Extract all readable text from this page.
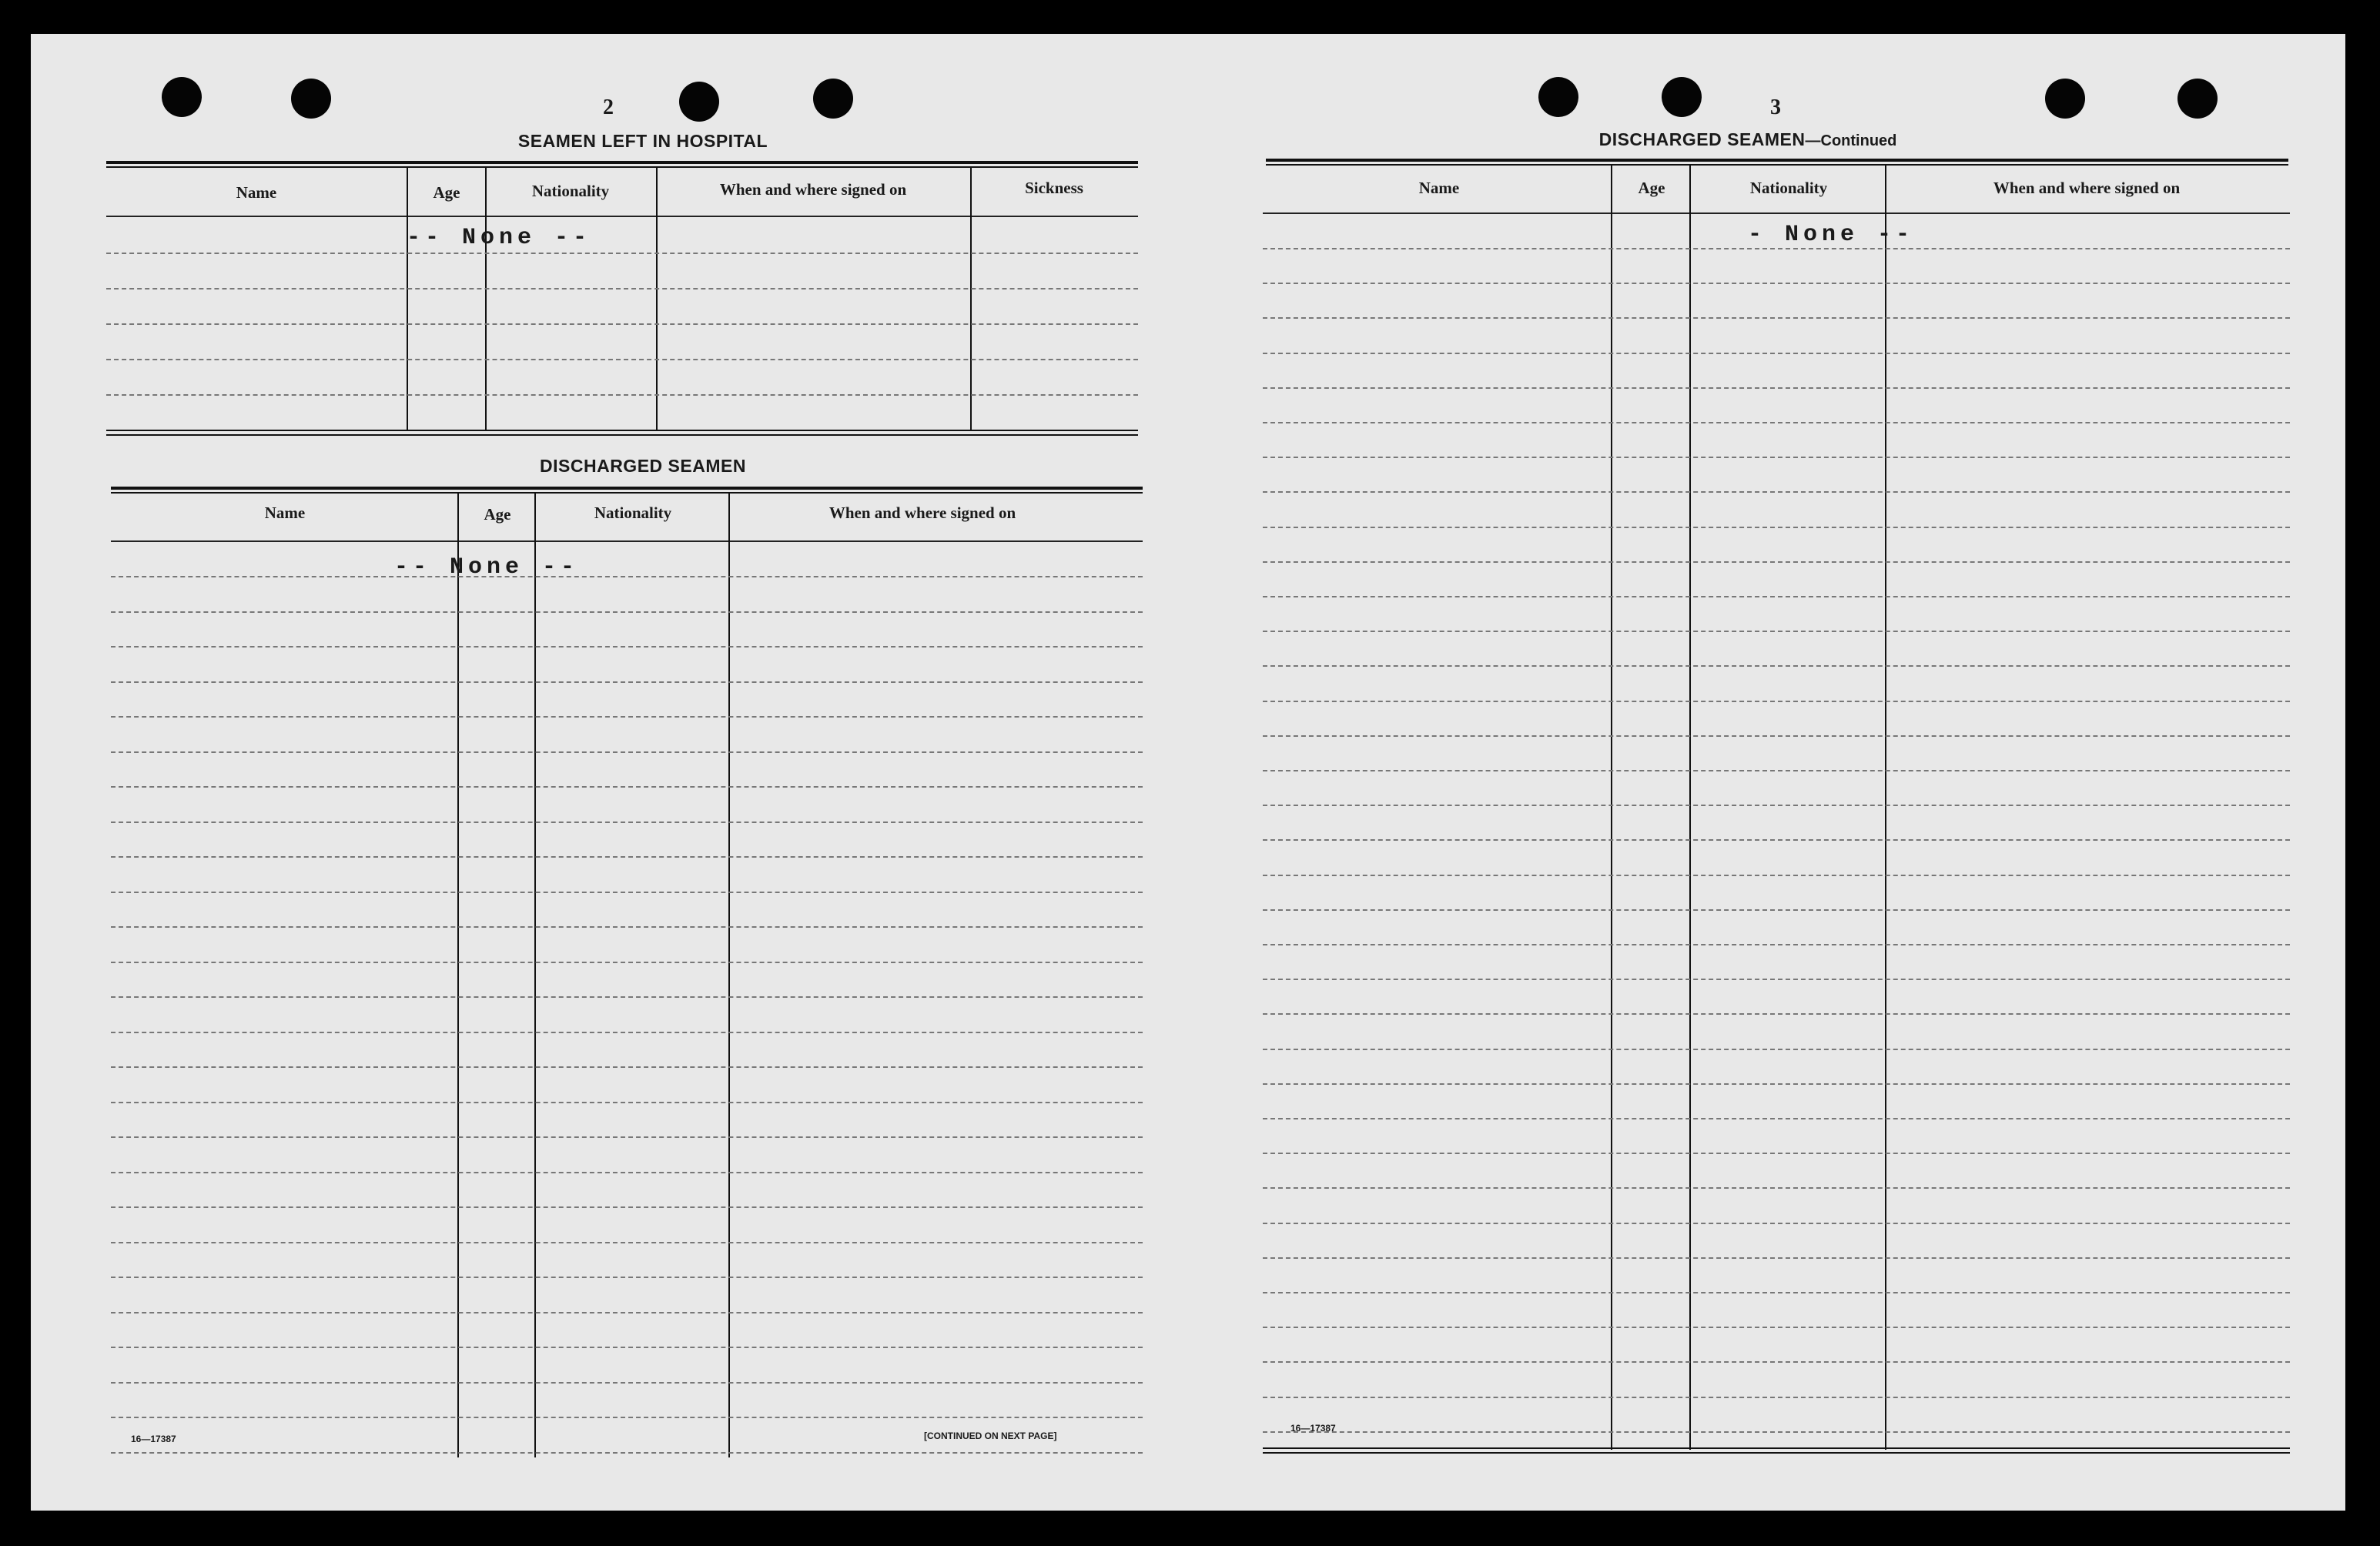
2
SEAMEN LEFT IN HOSPITAL
Name	Age	Nationality	When and where signed on	Sickness
-- None --
DISCHARGED SEAMEN
Name	Age	Nationality	When and where signed on
-- None --
16—17387	[CONTINUED ON NEXT PAGE]
3
DISCHARGED SEAMEN—Continued
Name	Age	Nationality	When and where signed on
- None --
16—17387
